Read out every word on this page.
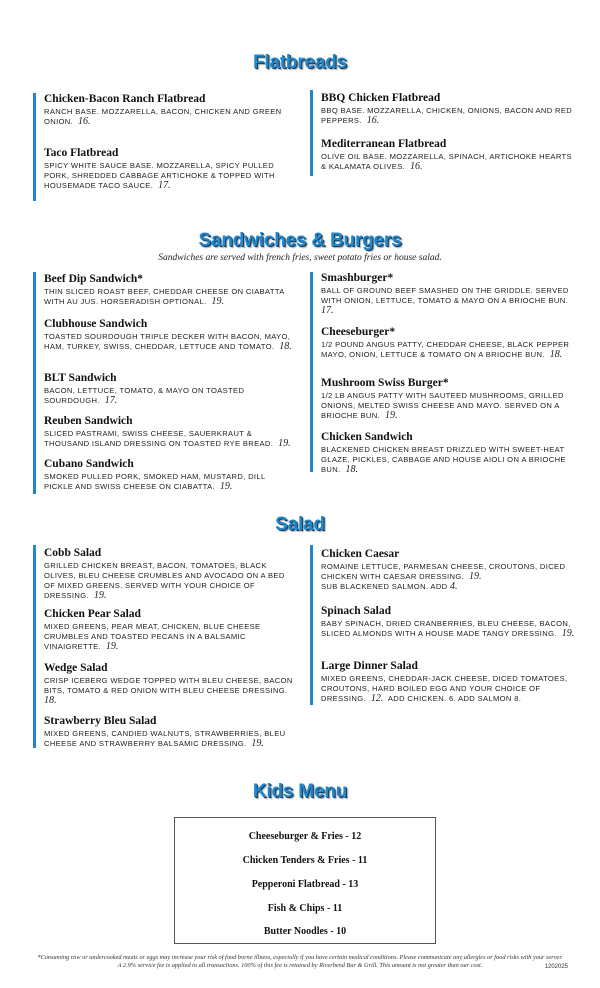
Flatbreads
Chicken-Bacon Ranch Flatbread
RANCH BASE. MOZZARELLA, BACON, CHICKEN AND GREEN ONION. 16.
Taco Flatbread
SPICY WHITE SAUCE BASE. MOZZARELLA, SPICY PULLED PORK, SHREDDED CABBAGE ARTICHOKE & TOPPED WITH HOUSEMADE TACO SAUCE. 17.
BBQ Chicken Flatbread
BBQ BASE. MOZZARELLA, CHICKEN, ONIONS, BACON AND RED PEPPERS. 16.
Mediterranean Flatbread
OLIVE OIL BASE. MOZZARELLA, SPINACH, ARTICHOKE HEARTS & KALAMATA OLIVES. 16.
Sandwiches & Burgers
Sandwiches are served with french fries, sweet potato fries or house salad.
Beef Dip Sandwich*
THIN SLICED ROAST BEEF, CHEDDAR CHEESE ON CIABATTA WITH AU JUS. HORSERADISH OPTIONAL. 19.
Clubhouse Sandwich
TOASTED SOURDOUGH TRIPLE DECKER WITH BACON, MAYO, HAM, TURKEY, SWISS, CHEDDAR, LETTUCE AND TOMATO. 18.
BLT Sandwich
BACON, LETTUCE, TOMATO, & MAYO ON TOASTED SOURDOUGH. 17.
Reuben Sandwich
SLICED PASTRAMI, SWISS CHEESE, SAUERKRAUT & THOUSAND ISLAND DRESSING ON TOASTED RYE BREAD. 19.
Cubano Sandwich
SMOKED PULLED PORK, SMOKED HAM, MUSTARD, DILL PICKLE AND SWISS CHEESE ON CIABATTA. 19.
Smashburger*
BALL OF GROUND BEEF SMASHED ON THE GRIDDLE. SERVED WITH ONION, LETTUCE, TOMATO & MAYO ON A BRIOCHE BUN.  17.
Cheeseburger*
1/2 POUND ANGUS PATTY, CHEDDAR CHEESE, BLACK PEPPER MAYO, ONION, LETTUCE & TOMATO ON A BRIOCHE BUN. 18.
Mushroom Swiss Burger*
1/2 LB ANGUS PATTY WITH SAUTEED MUSHROOMS, GRILLED ONIONS, MELTED SWISS CHEESE AND MAYO. SERVED ON A BRIOCHE BUN. 19.
Chicken Sandwich
BLACKENED CHICKEN BREAST DRIZZLED WITH SWEET-HEAT GLAZE, PICKLES, CABBAGE AND HOUSE AIOLI ON A BRIOCHE BUN. 18.
Salad
Cobb Salad
GRILLED CHICKEN BREAST, BACON, TOMATOES, BLACK OLIVES, BLEU CHEESE CRUMBLES AND AVOCADO ON A BED OF MIXED GREENS. SERVED WITH YOUR CHOICE OF DRESSING. 19.
Chicken Pear Salad
MIXED GREENS, PEAR MEAT, CHICKEN, BLUE CHEESE CRUMBLES AND TOASTED PECANS IN A BALSAMIC VINAIGRETTE. 19.
Wedge Salad
CRISP ICEBERG WEDGE TOPPED WITH BLEU CHEESE, BACON BITS, TOMATO & RED ONION WITH BLEU CHEESE DRESSING.  18.
Strawberry Bleu Salad
MIXED GREENS, CANDIED WALNUTS, STRAWBERRIES, BLEU CHEESE AND STRAWBERRY BALSAMIC DRESSING. 19.
Chicken Caesar
ROMAINE LETTUCE, PARMESAN CHEESE, CROUTONS, DICED CHICKEN WITH CAESAR DRESSING. 19.
SUB BLACKENED SALMON. ADD 4.
Spinach Salad
BABY SPINACH, DRIED CRANBERRIES, BLEU CHEESE, BACON, SLICED ALMONDS WITH A HOUSE MADE TANGY DRESSING. 19.
Large Dinner Salad
MIXED GREENS, CHEDDAR-JACK CHEESE, DICED TOMATOES, CROUTONS, HARD BOILED EGG AND YOUR CHOICE OF DRESSING. 12. ADD CHICKEN. 6. ADD SALMON 8.
Kids Menu
Cheeseburger & Fries - 12
Chicken Tenders & Fries - 11
Pepperoni Flatbread - 13
Fish & Chips - 11
Butter Noodles - 10
*Consuming raw or undercooked meats or eggs may increase your risk of food borne illness, especially if you have certain medical conditions. Please communicate any allergies or food risks with your server.
A 2.9% service fee is applied to all transactions. 100% of this fee is retained by Riverbend Bar & Grill. This amount is not greater than our cost.	1202025
